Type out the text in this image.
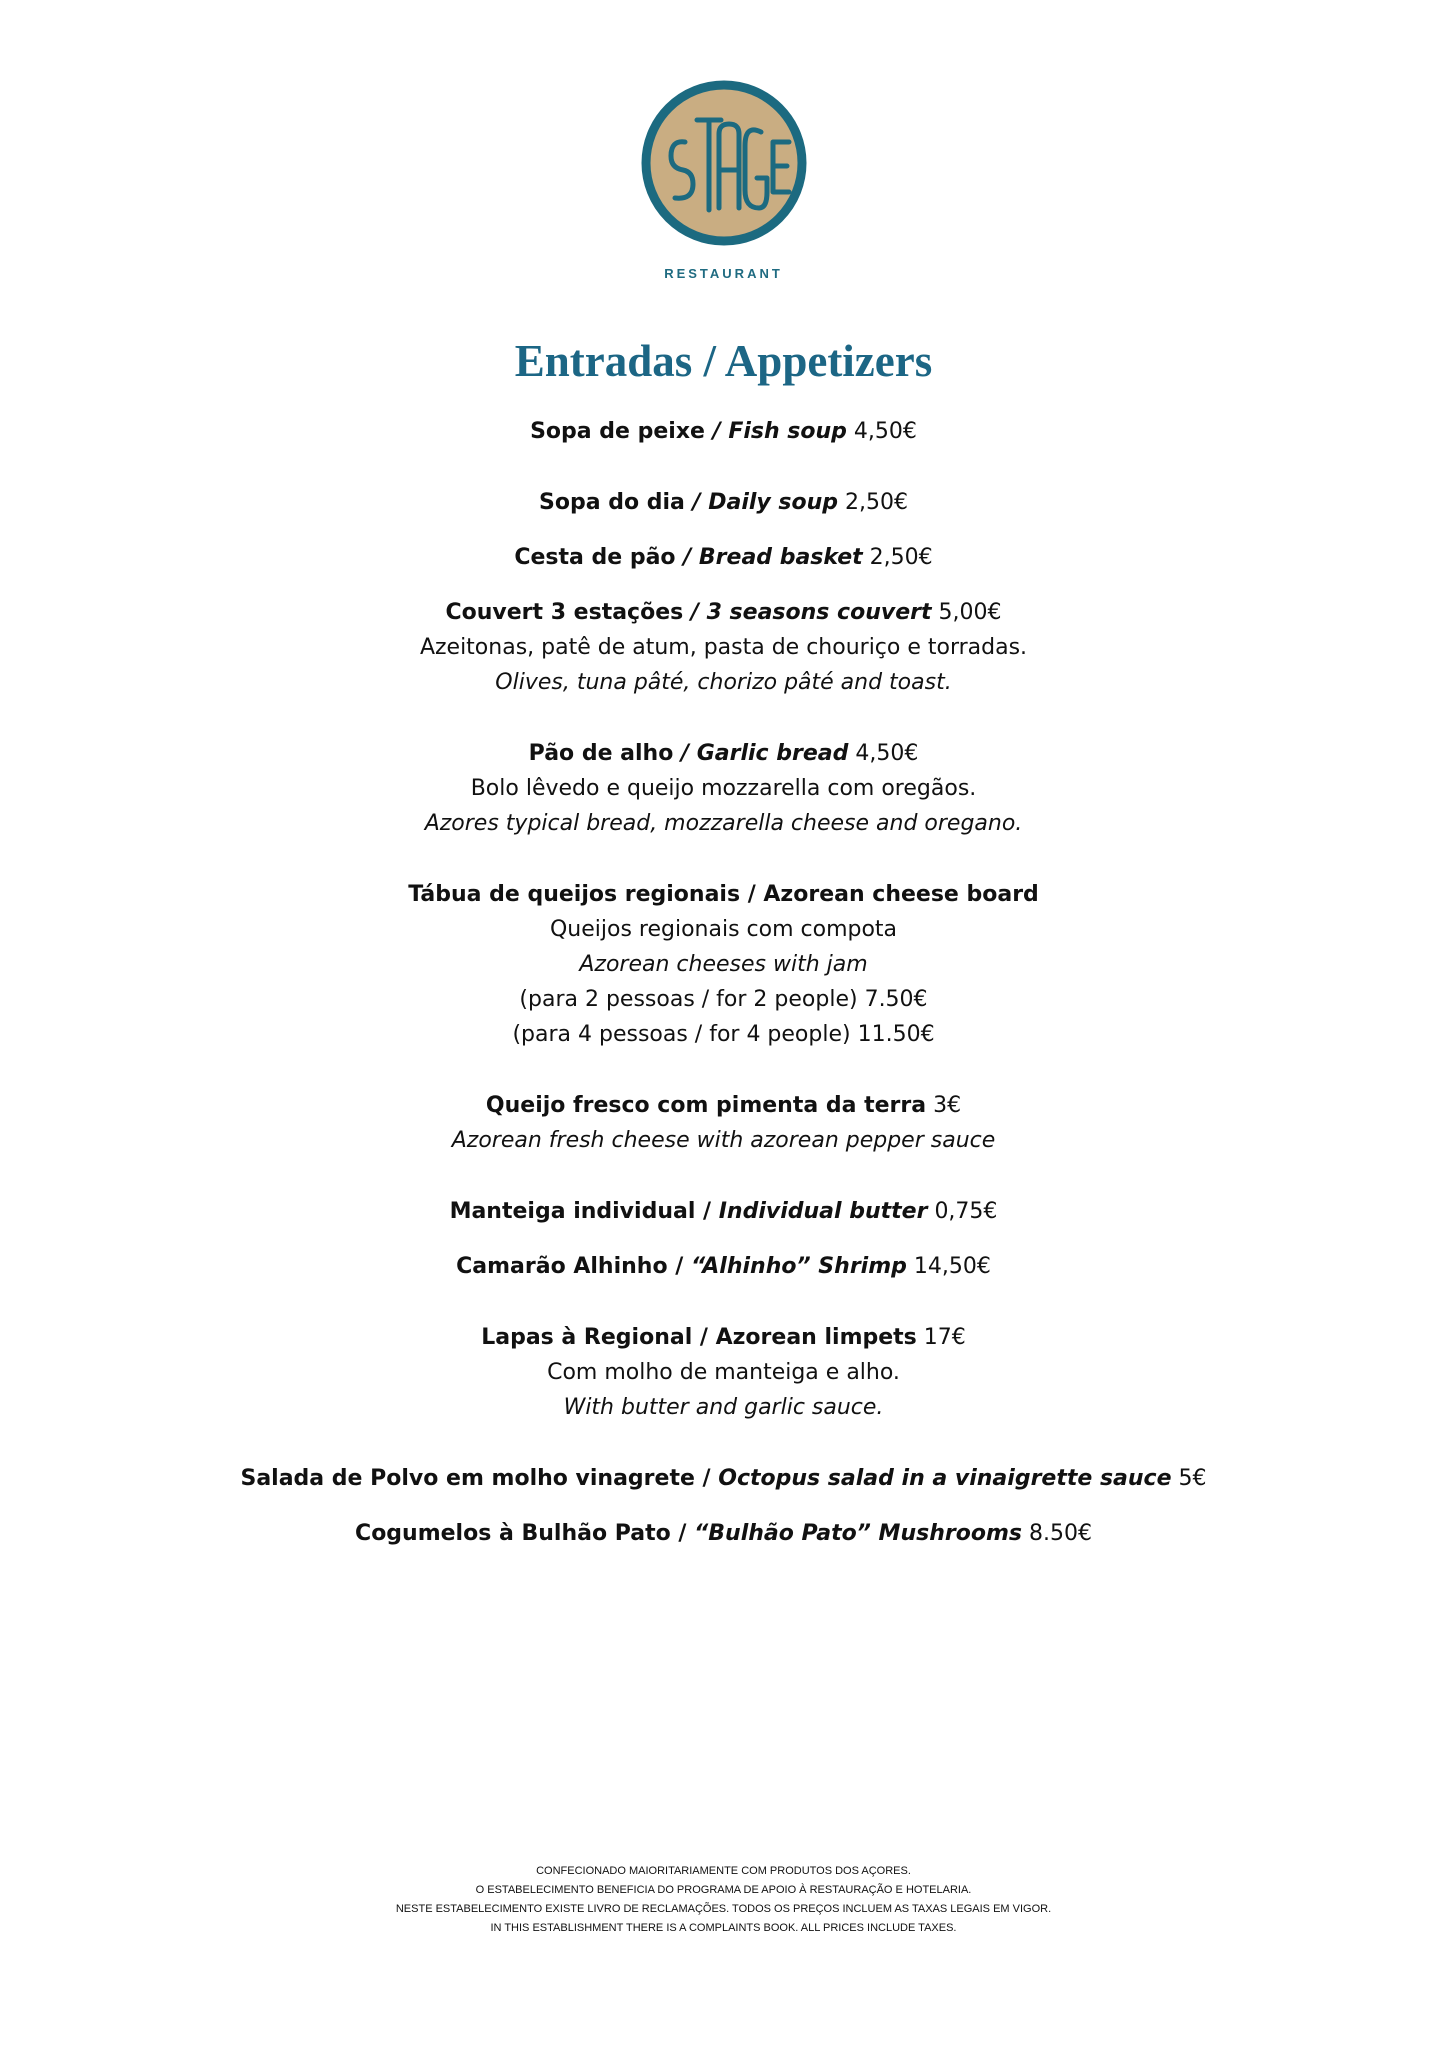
RESTAURANT
Entradas / Appetizers
Sopa de peixe / Fish soup 4,50€
Sopa do dia / Daily soup 2,50€
Cesta de pão / Bread basket 2,50€
Couvert 3 estações / 3 seasons couvert 5,00€
Azeitonas, patê de atum, pasta de chouriço e torradas.
Olives, tuna pâté, chorizo pâté and toast.
Pão de alho / Garlic bread 4,50€
Bolo lêvedo e queijo mozzarella com oregãos.
Azores typical bread, mozzarella cheese and oregano.
Tábua de queijos regionais / Azorean cheese board
Queijos regionais com compota
Azorean cheeses with jam
(para 2 pessoas / for 2 people) 7.50€
(para 4 pessoas / for 4 people) 11.50€
Queijo fresco com pimenta da terra 3€
Azorean fresh cheese with azorean pepper sauce
Manteiga individual / Individual butter 0,75€
Camarão Alhinho / “Alhinho” Shrimp 14,50€
Lapas à Regional / Azorean limpets 17€
Com molho de manteiga e alho.
With butter and garlic sauce.
Salada de Polvo em molho vinagrete / Octopus salad in a vinaigrette sauce 5€
Cogumelos à Bulhão Pato / “Bulhão Pato” Mushrooms 8.50€
CONFECIONADO MAIORITARIAMENTE COM PRODUTOS DOS AÇORES.
O ESTABELECIMENTO BENEFICIA DO PROGRAMA DE APOIO À RESTAURAÇÃO E HOTELARIA.
NESTE ESTABELECIMENTO EXISTE LIVRO DE RECLAMAÇÕES. TODOS OS PREÇOS INCLUEM AS TAXAS LEGAIS EM VIGOR.
IN THIS ESTABLISHMENT THERE IS A COMPLAINTS BOOK. ALL PRICES INCLUDE TAXES.
